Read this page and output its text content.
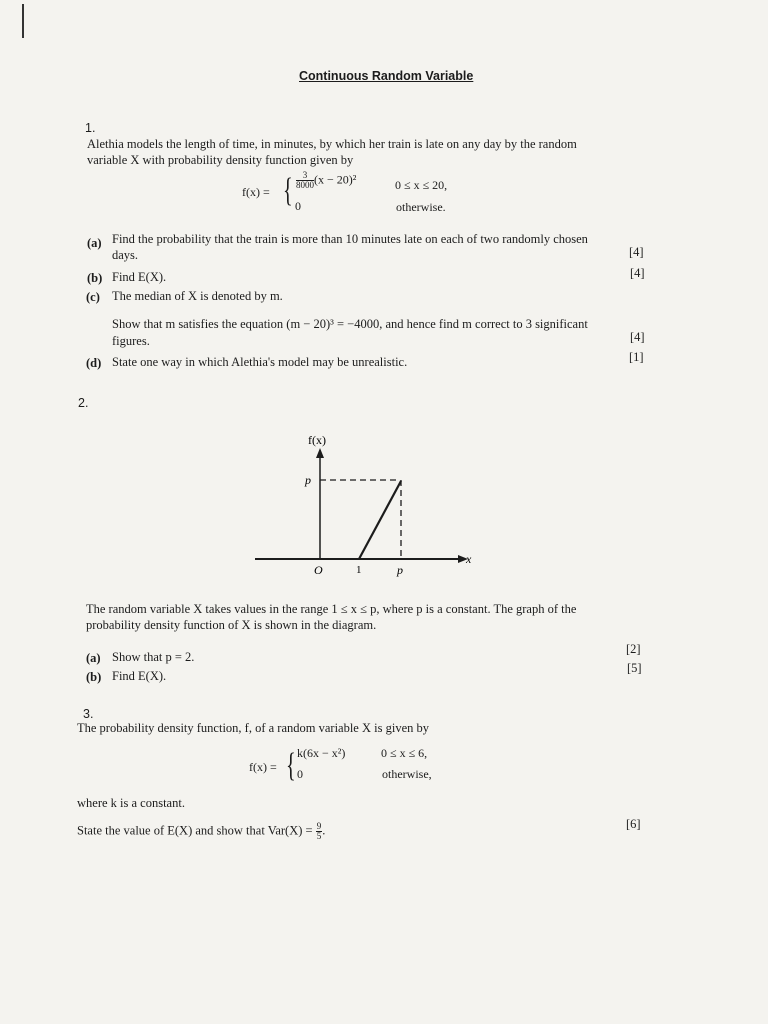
Continuous Random Variable
1.
Alethia models the length of time, in minutes, by which her train is late on any day by the random
variable X with probability density function given by
f(x) = { $\frac{3}{8000} (x - 20)^2$	0 ≤ x ≤ 20,
0	otherwise.
(a) Find the probability that the train is more than 10 minutes late on each of two randomly chosen
days.	[4]
(b) Find E(X).	[4]
(c) The median of X is denoted by m.
Show that m satisfies the equation (m − 20)³ = −4000, and hence find m correct to 3 significant
figures.	[4]
(d) State one way in which Alethia's model may be unrealistic.	[1]
2.
f(x)
p
O	1	p
x
The random variable X takes values in the range 1 ≤ x ≤ p, where p is a constant. The graph of the
probability density function of X is shown in the diagram.
(a) Show that p = 2.
[2]
(b) Find E(X).
[5]
3.
The probability density function, f, of a random variable X is given by
f(x) = { k(6x − x²)	0 ≤ x ≤ 6,
0	otherwise,
where k is a constant.
State the value of E(X) and show that $Var(X) = \frac{9}{5}$ .	[6]
